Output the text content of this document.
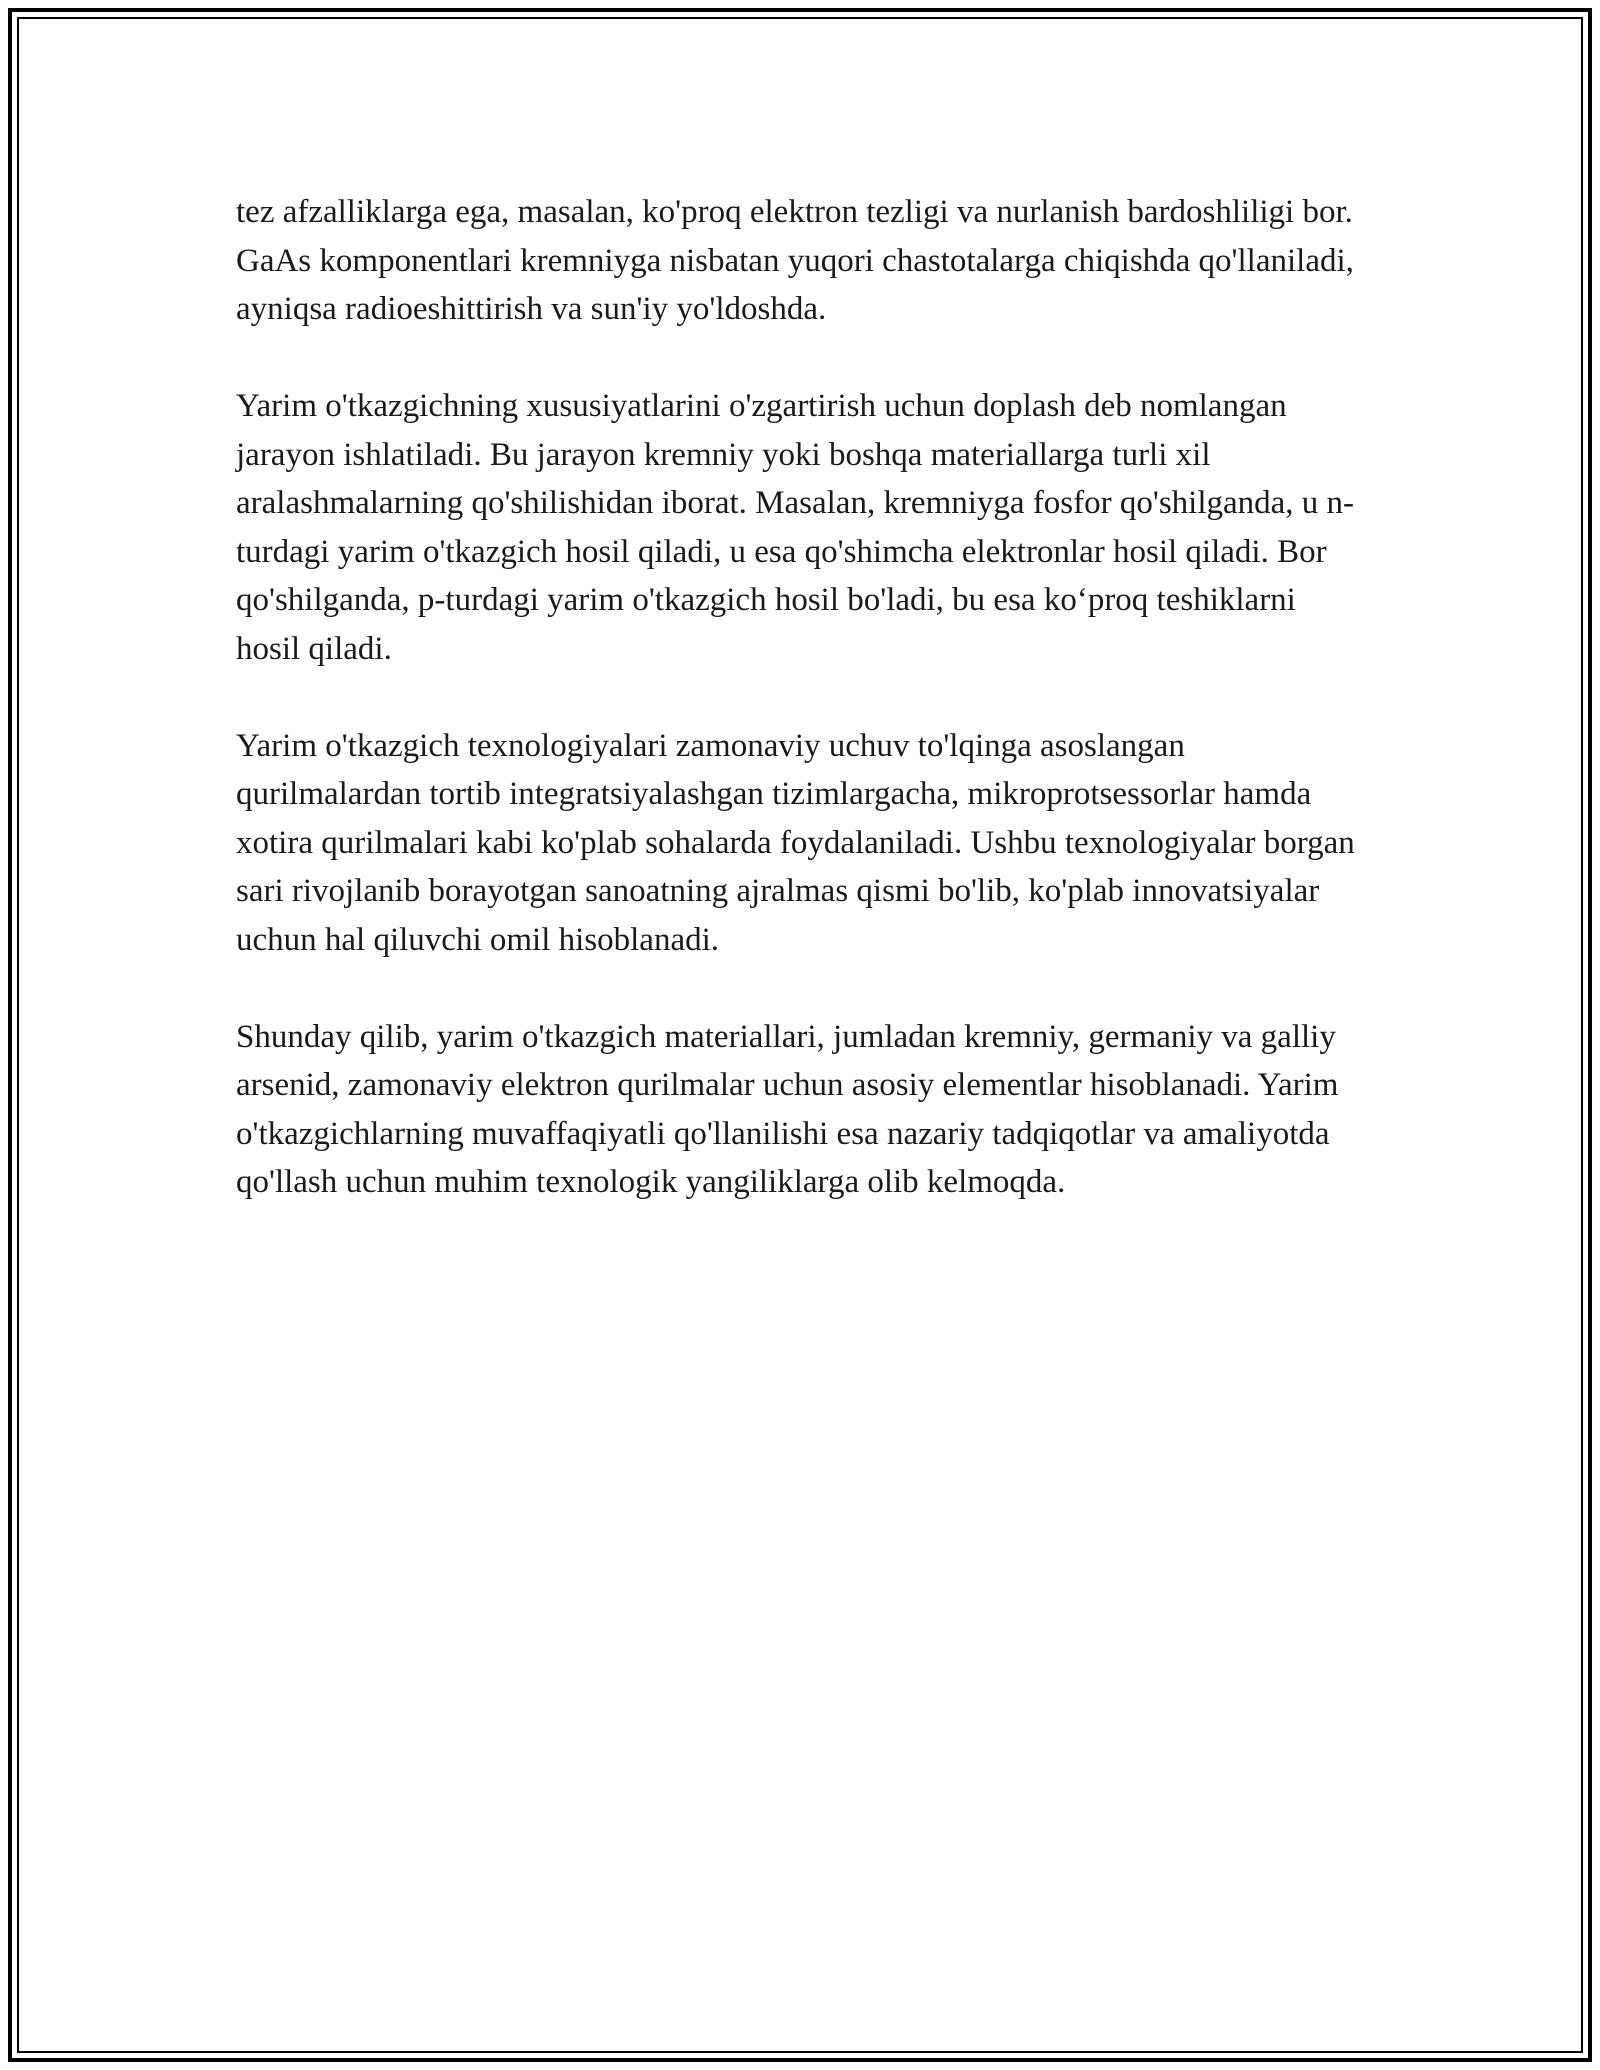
tez afzalliklarga ega, masalan, ko'proq elektron tezligi va nurlanish bardoshliligi bor. GaAs komponentlari kremniyga nisbatan yuqori chastotalarga chiqishda qo'llaniladi, ayniqsa radioeshittirish va sun'iy yo'ldoshda.

Yarim o'tkazgichning xususiyatlarini o'zgartirish uchun doplash deb nomlangan jarayon ishlatiladi. Bu jarayon kremniy yoki boshqa materiallarga turli xil aralashmalarning qo'shilishidan iborat. Masalan, kremniyga fosfor qo'shilganda, u n-turdagi yarim o'tkazgich hosil qiladi, u esa qo'shimcha elektronlar hosil qiladi. Bor qo'shilganda, p-turdagi yarim o'tkazgich hosil bo'ladi, bu esa ko‘proq teshiklarni hosil qiladi.

Yarim o'tkazgich texnologiyalari zamonaviy uchuv to'lqinga asoslangan qurilmalardan tortib integratsiyalashgan tizimlargacha, mikroprotsessorlar hamda xotira qurilmalari kabi ko'plab sohalarda foydalaniladi. Ushbu texnologiyalar borgan sari rivojlanib borayotgan sanoatning ajralmas qismi bo'lib, ko'plab innovatsiyalar uchun hal qiluvchi omil hisoblanadi.

Shunday qilib, yarim o'tkazgich materiallari, jumladan kremniy, germaniy va galliy arsenid, zamonaviy elektron qurilmalar uchun asosiy elementlar hisoblanadi. Yarim o'tkazgichlarning muvaffaqiyatli qo'llanilishi esa nazariy tadqiqotlar va amaliyotda qo'llash uchun muhim texnologik yangiliklarga olib kelmoqda.
